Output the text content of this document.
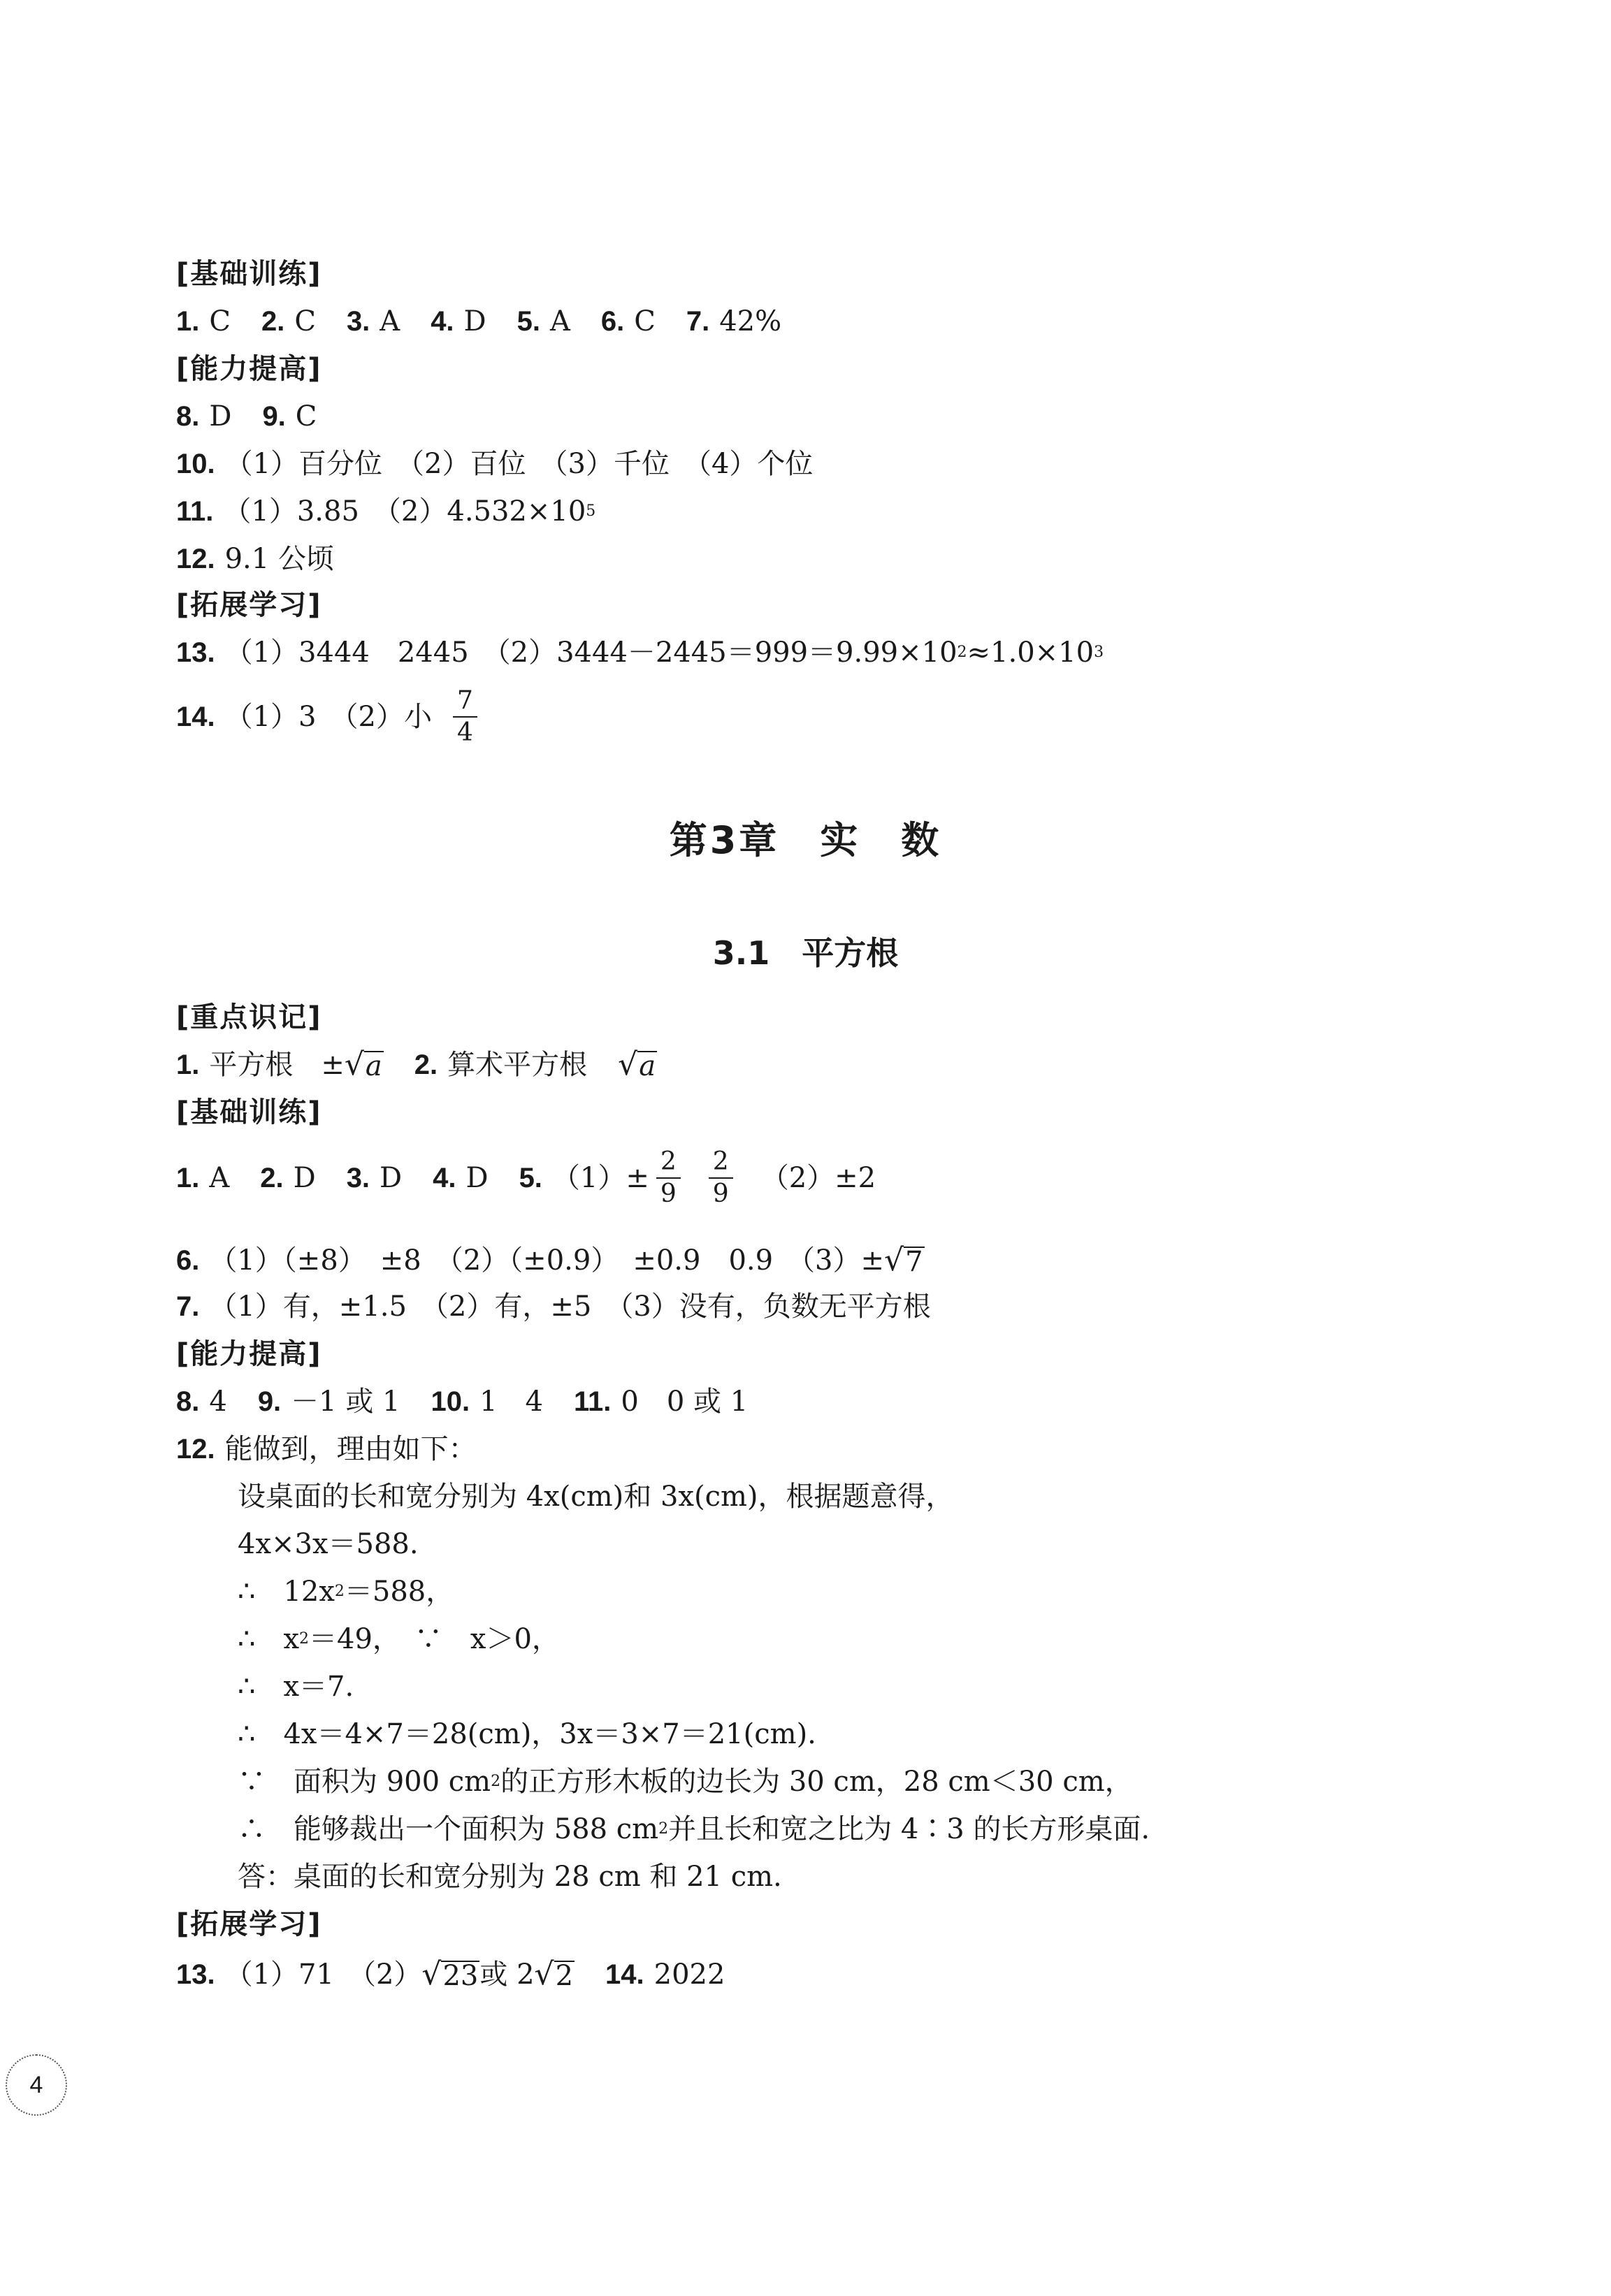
[基础训练]
1. C 2. C 3. A 4. D 5. A 6. C 7. 42%
[能力提高]
8. D 9. C
10. （1）百分位　（2）百位　（3）千位　（4）个位
11. （1）3.85　（2）4.532×10 5
12. 9.1 公顷
[拓展学习]
13. （1）3444　2445　（2）3444－2445＝999＝9.99×10 2 ≈1.0×10 3
14. （1）3　（2）小 $\frac{7}{4}$
第3章　实　数
3.1　平方根
[重点识记]
1. 平方根　± √ a 2. 算术平方根 √ a
[基础训练]
1. A 2. D 3. D 4. D 5. $(1)\pm \frac{2}{9} \frac{2}{9} (2)\pm 2$
6. （1）（±8）　±8　（2）（±0.9）　±0.9　0.9　（3）± √ 7
7. （1）有，±1.5　（2）有，±5　（3）没有，负数无平方根
[能力提高]
8. 4 9. －1 或 1 10. 1　4 11. 0　0 或 1
12. 能做到，理由如下：
设桌面的长和宽分别为 4x(cm)和 3x(cm)，根据题意得，
4x×3x＝588.
∴　12x 2 ＝588，
∴　x 2 ＝49，　∵　x＞0，
∴　x＝7.
∴　4x＝4×7＝28(cm)，3x＝3×7＝21(cm).
∵　面积为 900 cm 2 的正方形木板的边长为 30 cm，28 cm＜30 cm，
∴　能够裁出一个面积为 588 cm 2 并且长和宽之比为 4∶3 的长方形桌面.
答：桌面的长和宽分别为 28 cm 和 21 cm.
[拓展学习]
13. （1）71　（2） √ 23 或 2 √ 2 14. 2022
4
